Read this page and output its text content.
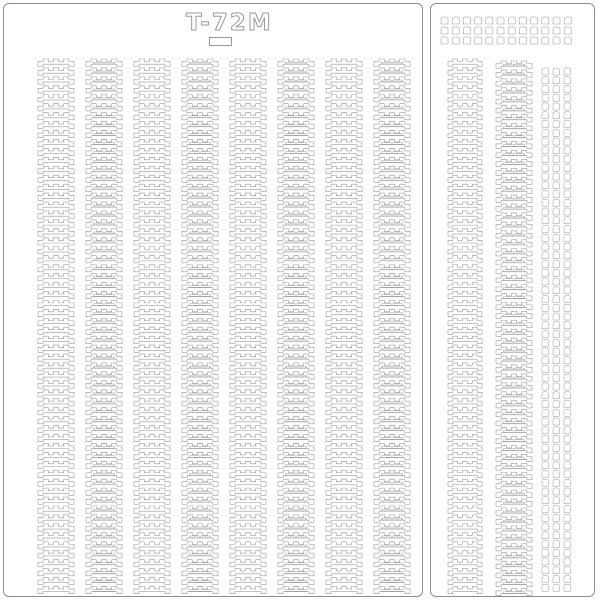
T-72M
